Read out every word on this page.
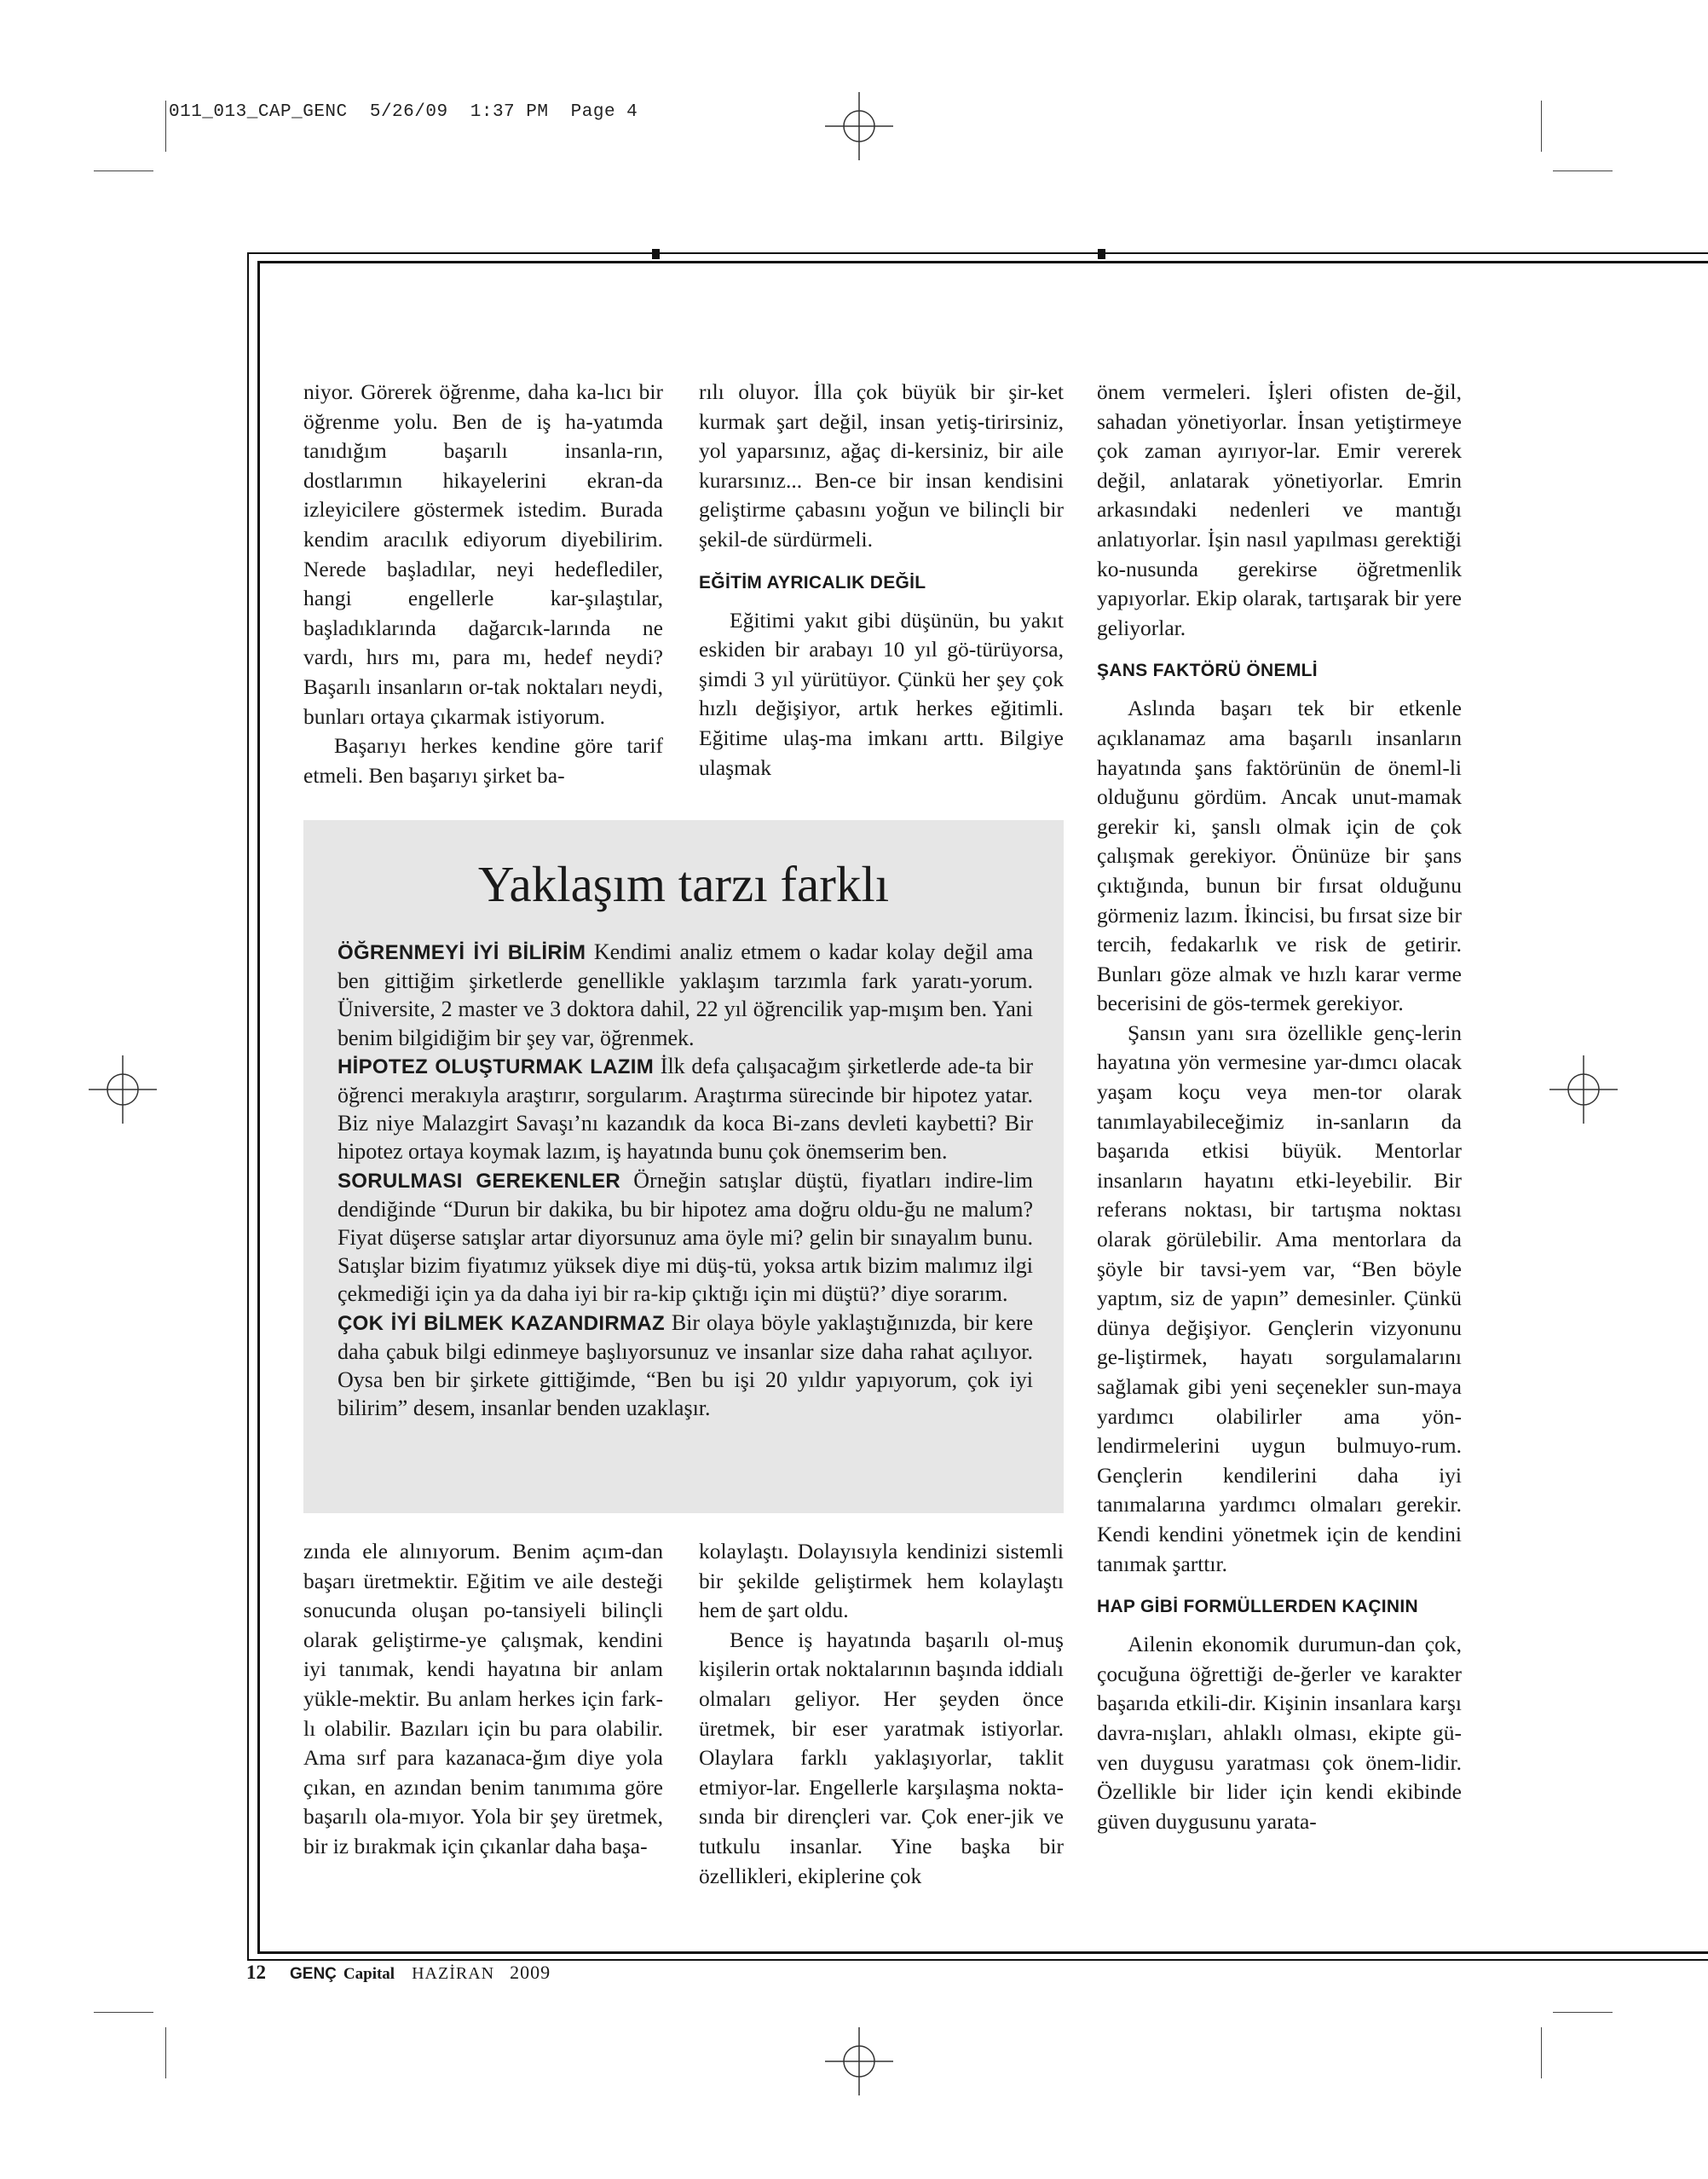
011_013_CAP_GENC  5/26/09  1:37 PM  Page 4

niyor. Görerek öğrenme, daha ka-lıcı bir öğrenme yolu. Ben de iş ha-yatımda tanıdığım başarılı insanla-rın, dostlarımın hikayelerini ekran-da izleyicilere göstermek istedim. Burada kendim aracılık ediyorum diyebilirim. Nerede başladılar, neyi hedeflediler, hangi engellerle kar-şılaştılar, başladıklarında dağarcık-larında ne vardı, hırs mı, para mı, hedef neydi? Başarılı insanların or-tak noktaları neydi, bunları ortaya çıkarmak istiyorum.

Başarıyı herkes kendine göre tarif etmeli. Ben başarıyı şirket ba-

rılı oluyor. İlla çok büyük bir şir-ket kurmak şart değil, insan yetiş-tirirsiniz, yol yaparsınız, ağaç di-kersiniz, bir aile kurarsınız... Ben-ce bir insan kendisini geliştirme çabasını yoğun ve bilinçli bir şekil-de sürdürmeli.

EĞİTİM AYRICALIK DEĞİL

Eğitimi yakıt gibi düşünün, bu yakıt eskiden bir arabayı 10 yıl gö-türüyorsa, şimdi 3 yıl yürütüyor. Çünkü her şey çok hızlı değişiyor, artık herkes eğitimli. Eğitime ulaş-ma imkanı arttı. Bilgiye ulaşmak

önem vermeleri. İşleri ofisten de-ğil, sahadan yönetiyorlar. İnsan yetiştirmeye çok zaman ayırıyor-lar. Emir vererek değil, anlatarak yönetiyorlar. Emrin arkasındaki nedenleri ve mantığı anlatıyorlar. İşin nasıl yapılması gerektiği ko-nusunda gerekirse öğretmenlik yapıyorlar. Ekip olarak, tartışarak bir yere geliyorlar.

ŞANS FAKTÖRÜ ÖNEMLİ

Aslında başarı tek bir etkenle açıklanamaz ama başarılı insanların hayatında şans faktörünün de öneml-li olduğunu gördüm. Ancak unut-mamak gerekir ki, şanslı olmak için de çok çalışmak gerekiyor. Önünüze bir şans çıktığında, bunun bir fırsat olduğunu görmeniz lazım. İkincisi, bu fırsat size bir tercih, fedakarlık ve risk de getirir. Bunları göze almak ve hızlı karar verme becerisini de gös-termek gerekiyor.

Şansın yanı sıra özellikle genç-lerin hayatına yön vermesine yar-dımcı olacak yaşam koçu veya men-tor olarak tanımlayabileceğimiz in-sanların da başarıda etkisi büyük. Mentorlar insanların hayatını etki-leyebilir. Bir referans noktası, bir tartışma noktası olarak görülebilir. Ama mentorlara da şöyle bir tavsi-yem var, “Ben böyle yaptım, siz de yapın” demesinler. Çünkü dünya değişiyor. Gençlerin vizyonunu ge-liştirmek, hayatı sorgulamalarını sağlamak gibi yeni seçenekler sun-maya yardımcı olabilirler ama yön-lendirmelerini uygun bulmuyo-rum. Gençlerin kendilerini daha iyi tanımalarına yardımcı olmaları gerekir. Kendi kendini yönetmek için de kendini tanımak şarttır.

HAP GİBİ FORMÜLLERDEN KAÇININ

Ailenin ekonomik durumun-dan çok, çocuğuna öğrettiği de-ğerler ve karakter başarıda etkili-dir. Kişinin insanlara karşı davra-nışları, ahlaklı olması, ekipte gü-ven duygusu yaratması çok önem-lidir. Özellikle bir lider için kendi ekibinde güven duygusunu yarata-

Yaklaşım tarzı farklı

ÖĞRENMEYİ İYİ BİLİRİM Kendimi analiz etmem o kadar kolay değil ama ben gittiğim şirketlerde genellikle yaklaşım tarzımla fark yaratı-yorum. Üniversite, 2 master ve 3 doktora dahil, 22 yıl öğrencilik yap-mışım ben. Yani benim bilgidiğim bir şey var, öğrenmek.

HİPOTEZ OLUŞTURMAK LAZIM İlk defa çalışacağım şirketlerde ade-ta bir öğrenci merakıyla araştırır, sorgularım. Araştırma sürecinde bir hipotez yatar. Biz niye Malazgirt Savaşı’nı kazandık da koca Bi-zans devleti kaybetti? Bir hipotez ortaya koymak lazım, iş hayatında bunu çok önemserim ben.

SORULMASI GEREKENLER Örneğin satışlar düştü, fiyatları indire-lim dendiğinde “Durun bir dakika, bu bir hipotez ama doğru oldu-ğu ne malum? Fiyat düşerse satışlar artar diyorsunuz ama öyle mi? gelin bir sınayalım bunu. Satışlar bizim fiyatımız yüksek diye mi düş-tü, yoksa artık bizim malımız ilgi çekmediği için ya da daha iyi bir ra-kip çıktığı için mi düştü?’ diye sorarım.

ÇOK İYİ BİLMEK KAZANDIRMAZ Bir olaya böyle yaklaştığınızda, bir kere daha çabuk bilgi edinmeye başlıyorsunuz ve insanlar size daha rahat açılıyor. Oysa ben bir şirkete gittiğimde, “Ben bu işi 20 yıldır yapıyorum, çok iyi bilirim” desem, insanlar benden uzaklaşır.

zında ele alınıyorum. Benim açım-dan başarı üretmektir. Eğitim ve aile desteği sonucunda oluşan po-tansiyeli bilinçli olarak geliştirme-ye çalışmak, kendini iyi tanımak, kendi hayatına bir anlam yükle-mektir. Bu anlam herkes için fark-lı olabilir. Bazıları için bu para olabilir. Ama sırf para kazanaca-ğım diye yola çıkan, en azından benim tanımıma göre başarılı ola-mıyor. Yola bir şey üretmek, bir iz bırakmak için çıkanlar daha başa-

kolaylaştı. Dolayısıyla kendinizi sistemli bir şekilde geliştirmek hem kolaylaştı hem de şart oldu.

Bence iş hayatında başarılı ol-muş kişilerin ortak noktalarının başında iddialı olmaları geliyor. Her şeyden önce üretmek, bir eser yaratmak istiyorlar. Olaylara farklı yaklaşıyorlar, taklit etmiyor-lar. Engellerle karşılaşma nokta-sında bir dirençleri var. Çok ener-jik ve tutkulu insanlar. Yine başka bir özellikleri, ekiplerine çok

12 GENÇ Capital HAZİRAN 2009
